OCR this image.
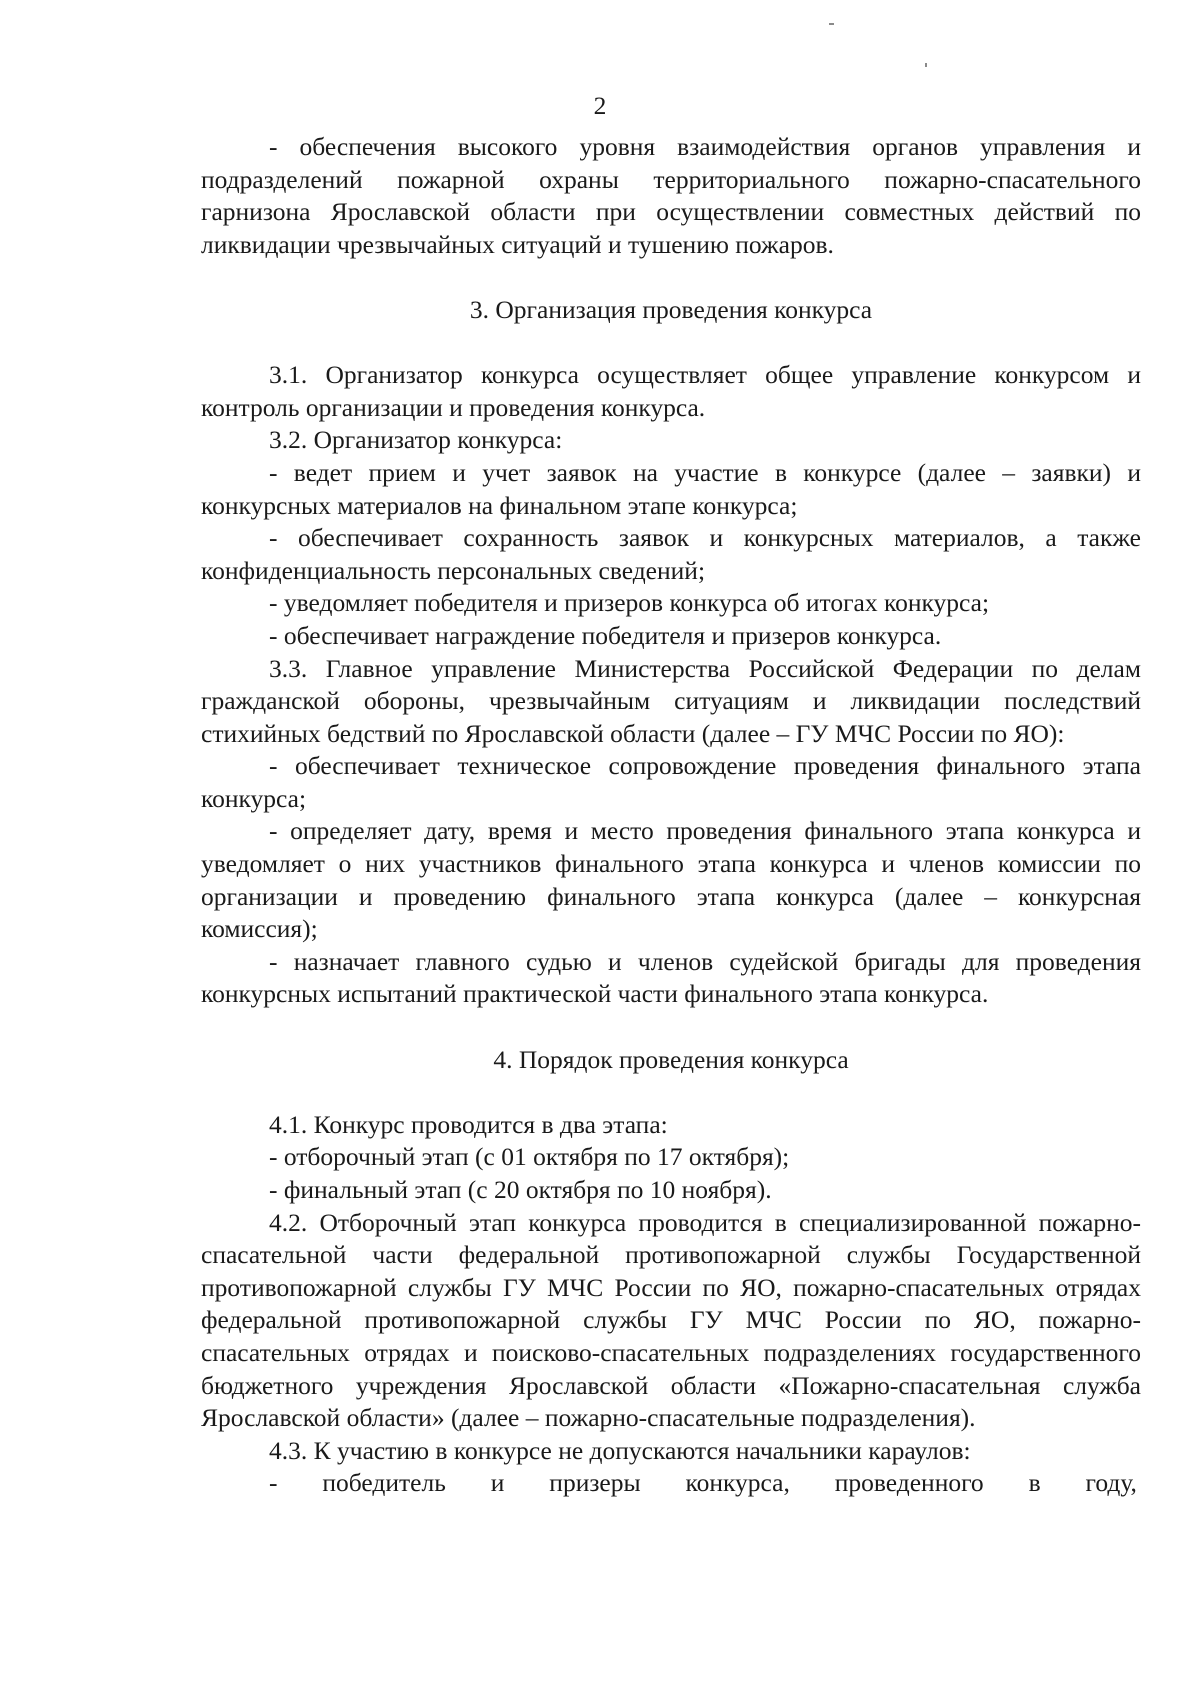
2

- обеспечения высокого уровня взаимодействия органов управления и подразделений пожарной охраны территориального пожарно-спасательного гарнизона Ярославской области при осуществлении совместных действий по ликвидации чрезвычайных ситуаций и тушению пожаров.

3. Организация проведения конкурса

3.1. Организатор конкурса осуществляет общее управление конкурсом и контроль организации и проведения конкурса.

3.2. Организатор конкурса:

- ведет прием и учет заявок на участие в конкурсе (далее – заявки) и конкурсных материалов на финальном этапе конкурса;

- обеспечивает сохранность заявок и конкурсных материалов, а также конфиденциальность персональных сведений;

- уведомляет победителя и призеров конкурса об итогах конкурса;

- обеспечивает награждение победителя и призеров конкурса.

3.3. Главное управление Министерства Российской Федерации по делам гражданской обороны, чрезвычайным ситуациям и ликвидации последствий стихийных бедствий по Ярославской области (далее – ГУ МЧС России по ЯО):

- обеспечивает техническое сопровождение проведения финального этапа конкурса;

- определяет дату, время и место проведения финального этапа конкурса и уведомляет о них участников финального этапа конкурса и членов комиссии по организации и проведению финального этапа конкурса (далее – конкурсная комиссия);

- назначает главного судью и членов судейской бригады для проведения конкурсных испытаний практической части финального этапа конкурса.

4. Порядок проведения конкурса

4.1. Конкурс проводится в два этапа:

- отборочный этап (с 01 октября по 17 октября);

- финальный этап (с 20 октября по 10 ноября).

4.2. Отборочный этап конкурса проводится в специализированной пожарно-спасательной части федеральной противопожарной службы Государственной противопожарной службы ГУ МЧС России по ЯО, пожарно-спасательных отрядах федеральной противопожарной службы ГУ МЧС России по ЯО, пожарно-спасательных отрядах и поисково-спасательных подразделениях государственного бюджетного учреждения Ярославской области «Пожарно-спасательная служба Ярославской области» (далее – пожарно-спасательные подразделения).

4.3. К участию в конкурсе не допускаются начальники караулов:

- победитель и призеры конкурса, проведенного в году,
